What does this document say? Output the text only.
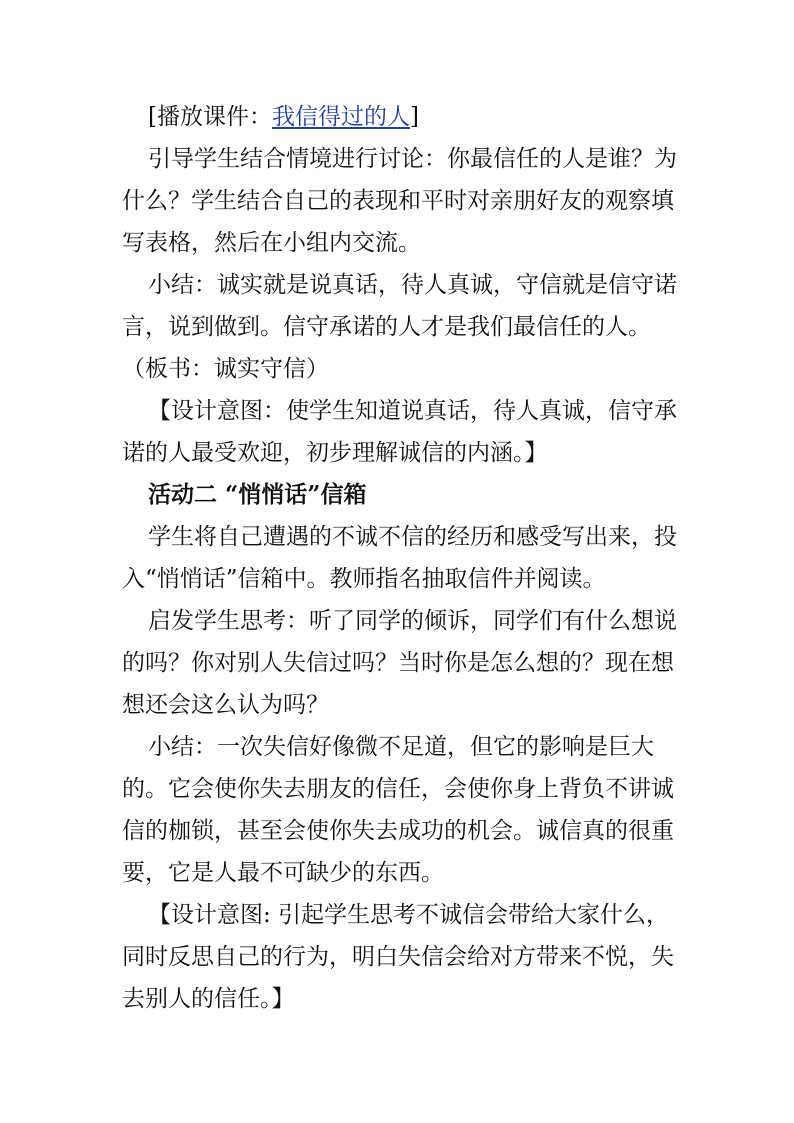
[播放课件：我信得过的人]

引导学生结合情境进行讨论：你最信任的人是谁？为什么？学生结合自己的表现和平时对亲朋好友的观察填写表格，然后在小组内交流。

小结：诚实就是说真话，待人真诚，守信就是信守诺言，说到做到。信守承诺的人才是我们最信任的人。（板书：诚实守信）

【设计意图：使学生知道说真话，待人真诚，信守承诺的人最受欢迎，初步理解诚信的内涵。】

活动二 “悄悄话”信箱

学生将自己遭遇的不诚不信的经历和感受写出来，投入“悄悄话”信箱中。教师指名抽取信件并阅读。

启发学生思考：听了同学的倾诉，同学们有什么想说的吗？你对别人失信过吗？当时你是怎么想的？现在想想还会这么认为吗？

小结：一次失信好像微不足道，但它的影响是巨大的。它会使你失去朋友的信任，会使你身上背负不讲诚信的枷锁，甚至会使你失去成功的机会。诚信真的很重要，它是人最不可缺少的东西。

【设计意图: 引起学生思考不诚信会带给大家什么，同时反思自己的行为，明白失信会给对方带来不悦，失去别人的信任。】
